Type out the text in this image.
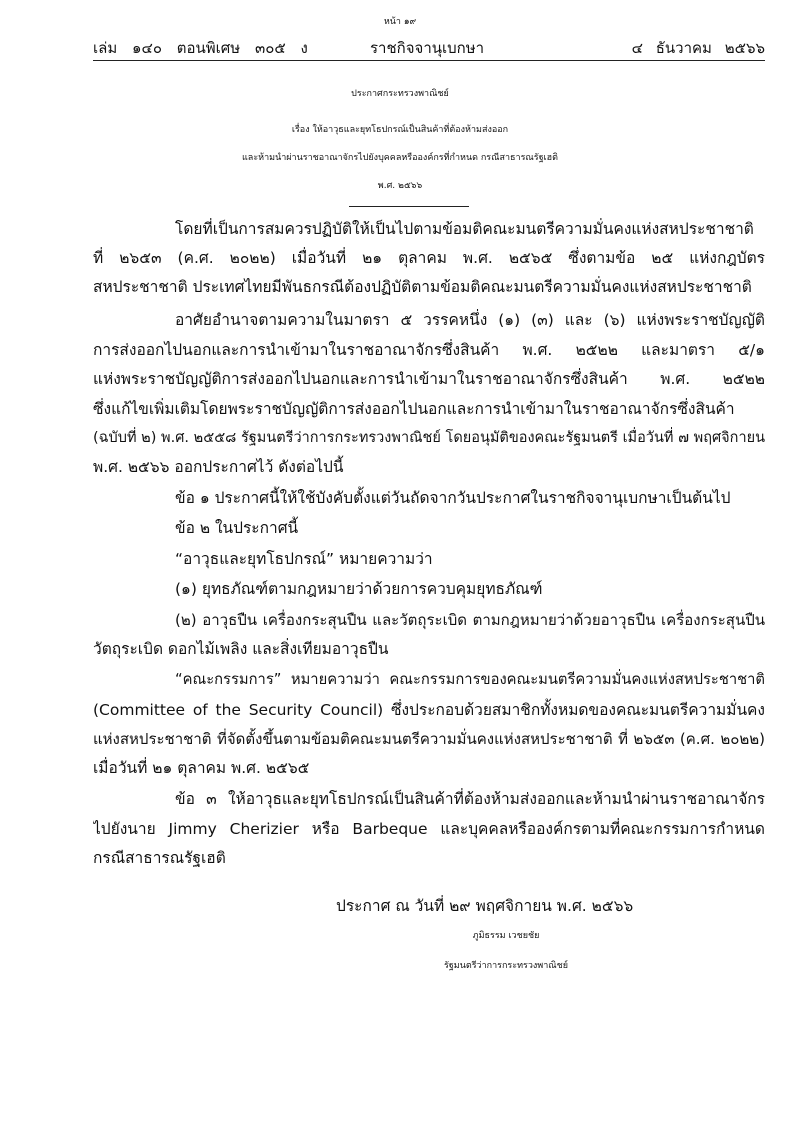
หน้า ๑๙
เล่ม ๑๔๐ ตอนพิเศษ ๓๐๕ ง	ราชกิจจานุเบกษา	๔ ธันวาคม ๒๕๖๖
ประกาศกระทรวงพาณิชย์
เรื่อง ให้อาวุธและยุทโธปกรณ์เป็นสินค้าที่ต้องห้ามส่งออก
และห้ามนำผ่านราชอาณาจักรไปยังบุคคลหรือองค์กรที่กำหนด กรณีสาธารณรัฐเฮติ
พ.ศ. ๒๕๖๖
โดยที่เป็นการสมควรปฏิบัติให้เป็นไปตามข้อมติคณะมนตรีความมั่นคงแห่งสหประชาชาติ
ที่ ๒๖๕๓ (ค.ศ. ๒๐๒๒) เมื่อวันที่ ๒๑ ตุลาคม พ.ศ. ๒๕๖๕ ซึ่งตามข้อ ๒๕ แห่งกฎบัตร
สหประชาชาติ ประเทศไทยมีพันธกรณีต้องปฏิบัติตามข้อมติคณะมนตรีความมั่นคงแห่งสหประชาชาติ
อาศัยอำนาจตามความในมาตรา ๕ วรรคหนึ่ง (๑) (๓) และ (๖) แห่งพระราชบัญญัติ
การส่งออกไปนอกและการนำเข้ามาในราชอาณาจักรซึ่งสินค้า พ.ศ. ๒๕๒๒ และมาตรา ๕/๑
แห่งพระราชบัญญัติการส่งออกไปนอกและการนำเข้ามาในราชอาณาจักรซึ่งสินค้า พ.ศ. ๒๕๒๒
ซึ่งแก้ไขเพิ่มเติมโดยพระราชบัญญัติการส่งออกไปนอกและการนำเข้ามาในราชอาณาจักรซึ่งสินค้า
(ฉบับที่ ๒) พ.ศ. ๒๕๕๘ รัฐมนตรีว่าการกระทรวงพาณิชย์ โดยอนุมัติของคณะรัฐมนตรี เมื่อวันที่ ๗ พฤศจิกายน
พ.ศ. ๒๕๖๖ ออกประกาศไว้ ดังต่อไปนี้
ข้อ ๑ ประกาศนี้ให้ใช้บังคับตั้งแต่วันถัดจากวันประกาศในราชกิจจานุเบกษาเป็นต้นไป
ข้อ ๒ ในประกาศนี้
“อาวุธและยุทโธปกรณ์” หมายความว่า
(๑) ยุทธภัณฑ์ตามกฎหมายว่าด้วยการควบคุมยุทธภัณฑ์
(๒) อาวุธปืน เครื่องกระสุนปืน และวัตถุระเบิด ตามกฎหมายว่าด้วยอาวุธปืน เครื่องกระสุนปืน
วัตถุระเบิด ดอกไม้เพลิง และสิ่งเทียมอาวุธปืน
“คณะกรรมการ” หมายความว่า คณะกรรมการของคณะมนตรีความมั่นคงแห่งสหประชาชาติ
(Committee of the Security Council) ซึ่งประกอบด้วยสมาชิกทั้งหมดของคณะมนตรีความมั่นคง
แห่งสหประชาชาติ ที่จัดตั้งขึ้นตามข้อมติคณะมนตรีความมั่นคงแห่งสหประชาชาติ ที่ ๒๖๕๓ (ค.ศ. ๒๐๒๒)
เมื่อวันที่ ๒๑ ตุลาคม พ.ศ. ๒๕๖๕
ข้อ ๓ ให้อาวุธและยุทโธปกรณ์เป็นสินค้าที่ต้องห้ามส่งออกและห้ามนำผ่านราชอาณาจักร
ไปยังนาย Jimmy Cherizier หรือ Barbeque และบุคคลหรือองค์กรตามที่คณะกรรมการกำหนด
กรณีสาธารณรัฐเฮติ
ประกาศ ณ วันที่ ๒๙ พฤศจิกายน พ.ศ. ๒๕๖๖
ภูมิธรรม เวชยชัย
รัฐมนตรีว่าการกระทรวงพาณิชย์
